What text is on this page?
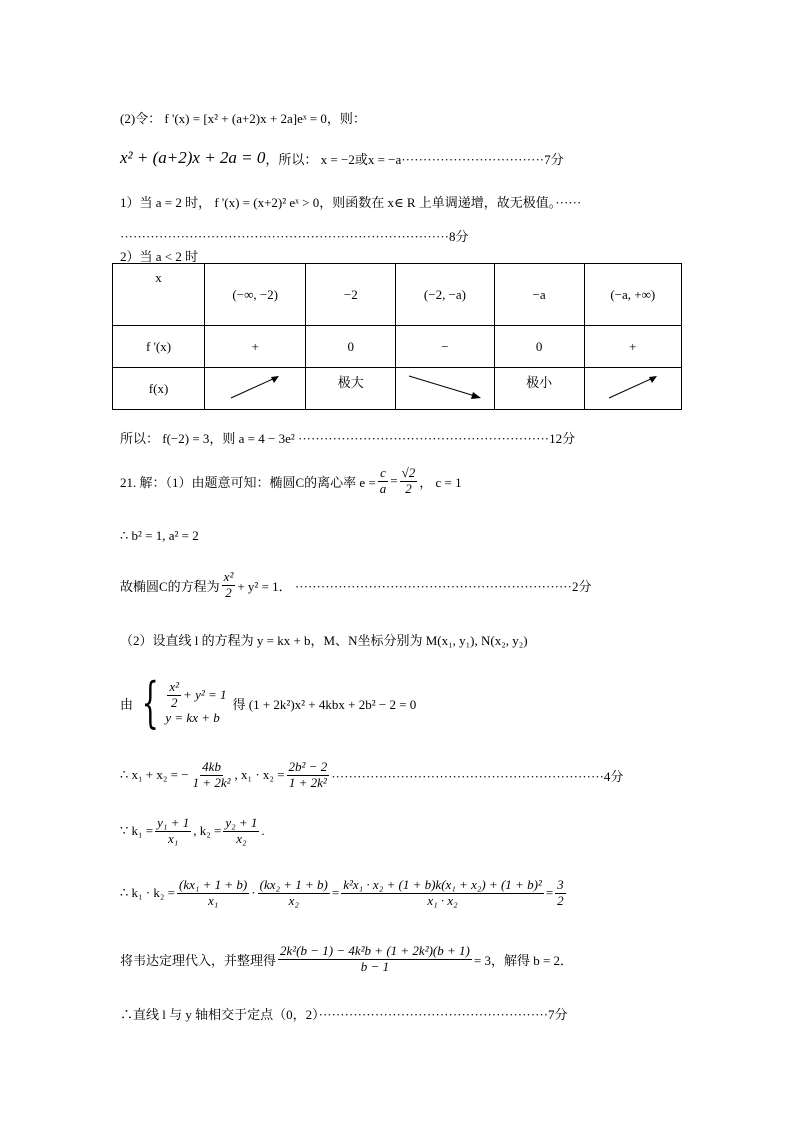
(2)令： f '(x) = [x² + (a+2)x + 2a]eˣ = 0，则：
x² + (a+2)x + 2a = 0 ，所以： x = −2或x = −a ·································7分
1）当 a = 2 时， f '(x) = (x+2)² eˣ > 0，则函数在 x∈ R 上单调递增，故无极值。······
············································································8分
2）当 a < 2 时
x	(−∞, −2)	−2	(−2, −a)	−a	(−a, +∞)
f '(x)	+	0	−	0	+
f(x)		极大		极小	
所以： f(−2) = 3，则 a = 4 − 3e² ··························································12分
21. 解：（1）由题意可知：椭圆C的离心率 $e = \frac{c}{a} = \frac{√2}{2}$ ， c = 1
∴ b² = 1, a² = 2
故椭圆C的方程为 $\frac{\text{x²}}{2} + y^2 = 1$． ································································2分
（2）设直线 l 的方程为 y = kx + b，M、N坐标分别为 M(x₁, y₁), N(x₂, y₂)
由 { $\frac{\text{x²}}{2} + y^2 = 1$
y = kx + b
得 (1 + 2k²)x² + 4kbx + 2b² − 2 = 0
∴ x₁ + x₂ = − $\frac{4kb}{\text{1 + 2k²}}$ , $x_1 \cdot x_2 = \frac{\text{2b² − 2}}{\text{1 + 2k²}} \cdot\cdot\cdot\cdot\cdot\cdot\cdot\cdot\cdot\cdot\cdot\cdot\cdot\cdot\cdot\cdot\cdot\cdot\cdot\cdot\cdot\cdot\cdot\cdot\cdot\cdot\cdot\cdot\cdot\cdot\cdot\cdot\cdot\cdot\cdot\cdot\cdot\cdot\cdot\cdot\cdot\cdot\cdot\cdot\cdot\cdot\cdot\cdot\cdot\cdot\cdot\cdot\cdot\cdot\cdot\cdot\cdot\cdot\cdot\cdot\cdot\cdot\cdot 4$分
∵ $k_1 = \frac{\text{y₁ + 1}}{\text{x₁}}$ , $k_2 = \frac{\text{y₂ + 1}}{\text{x₂}}$ .
∴ $k_1 \cdot k_2 = \frac{\text{(kx₁ + 1 + b)}}{\text{x₁}} \cdot \frac{\text{(kx₂ + 1 + b)}}{\text{x₂}} = \frac{\text{k²x₁ · x₂ + (1 + b)k(x₁ + x₂) + (1 + b)²}}{\text{x₁ · x₂}} = \frac{3}{2}$
将韦达定理代入，并整理得 $\frac{\text{2k²(b − 1) − 4k²b + (1 + 2k²)(b + 1)}}{b - 1} = 3$，解得 b = 2．
∴直线 l 与 y 轴相交于定点（0，2）·····················································7分
